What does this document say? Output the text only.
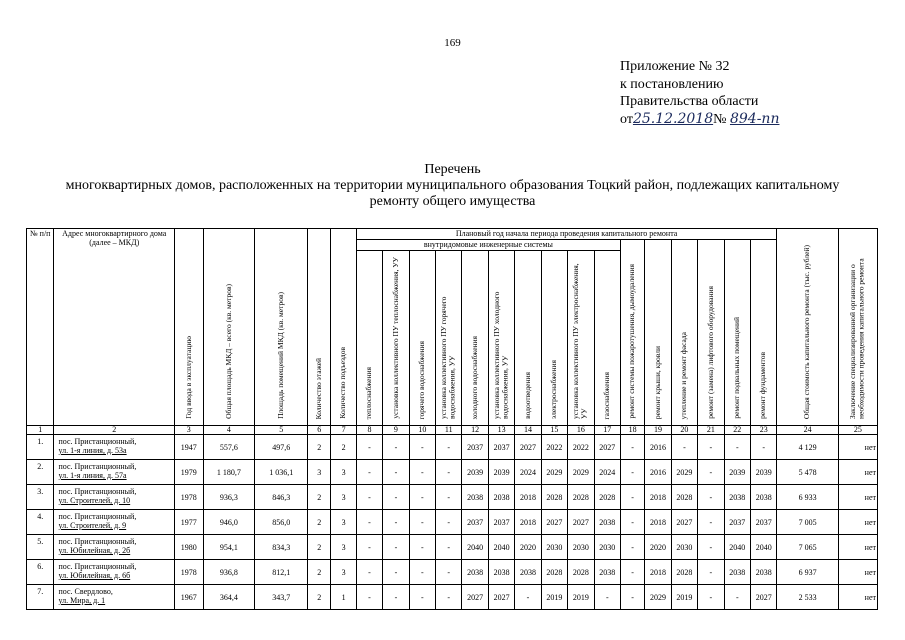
169
Приложение № 32
к постановлению
Правительства области
от25.12.2018№ 894-пп
Перечень
многоквартирных домов, расположенных на территории муниципального образования Тоцкий район, подлежащих капитальному
ремонту общего имущества
№ п/п	Адрес многоквартирного дома (далее – МКД)	Год ввода в эксплуатацию	Общая площадь МКД – всего (кв. метров)	Площадь помещений МКД (кв. метров)	Количество этажей	Количество подъездов	Плановый год начала периода проведения капитального ремонта																Общая стоимость капитального ремонта (тыс. рублей)	Заключение специализированной организации о необходимости проведения капитального ремонта
							внутридомовые инженерные системы										ремонт системы пожаротушения, дымоудаления	ремонт крыши, кровли	утепление и ремонт фасада	ремонт (замена) лифтового оборудования	ремонт подвальных помещений	ремонт фундаментов		
							теплоснабжения	установка коллективного ПУ теплоснабжения, УУ	горячего водоснабжения	установка коллективного ПУ горячего водоснабжения, УУ	холодного водоснабжения	установка коллективного ПУ холодного водоснабжения, УУ	водоотведения	электроснабжения	установка коллективного ПУ электроснабжения, УУ	газоснабжения								
1	2	3	4	5	6	7	8	9	10	11	12	13	14	15	16	17	18	19	20	21	22	23	24	25
1.	пос. Пристанционный,
ул. 1-я линия, д. 53а	1947	557,6	497,6	2	2	-	-	-	-	2037	2037	2027	2022	2022	2027	-	2016	-	-	-	-	4 129	нет
2.	пос. Пристанционный,
ул. 1-я линия, д. 57а	1979	1 180,7	1 036,1	3	3	-	-	-	-	2039	2039	2024	2029	2029	2024	-	2016	2029	-	2039	2039	5 478	нет
3.	пос. Пристанционный,
ул. Строителей, д. 10	1978	936,3	846,3	2	3	-	-	-	-	2038	2038	2018	2028	2028	2028	-	2018	2028	-	2038	2038	6 933	нет
4.	пос. Пристанционный,
ул. Строителей, д. 9	1977	946,0	856,0	2	3	-	-	-	-	2037	2037	2018	2027	2027	2038	-	2018	2027	-	2037	2037	7 005	нет
5.	пос. Пристанционный,
ул. Юбилейная, д. 2б	1980	954,1	834,3	2	3	-	-	-	-	2040	2040	2020	2030	2030	2030	-	2020	2030	-	2040	2040	7 065	нет
6.	пос. Пристанционный,
ул. Юбилейная, д. 6б	1978	936,8	812,1	2	3	-	-	-	-	2038	2038	2038	2028	2028	2038	-	2018	2028	-	2038	2038	6 937	нет
7.	пос. Свердлово,
ул. Мира, д. 1	1967	364,4	343,7	2	1	-	-	-	-	2027	2027	-	2019	2019	-	-	2029	2019	-	-	2027	2 533	нет
